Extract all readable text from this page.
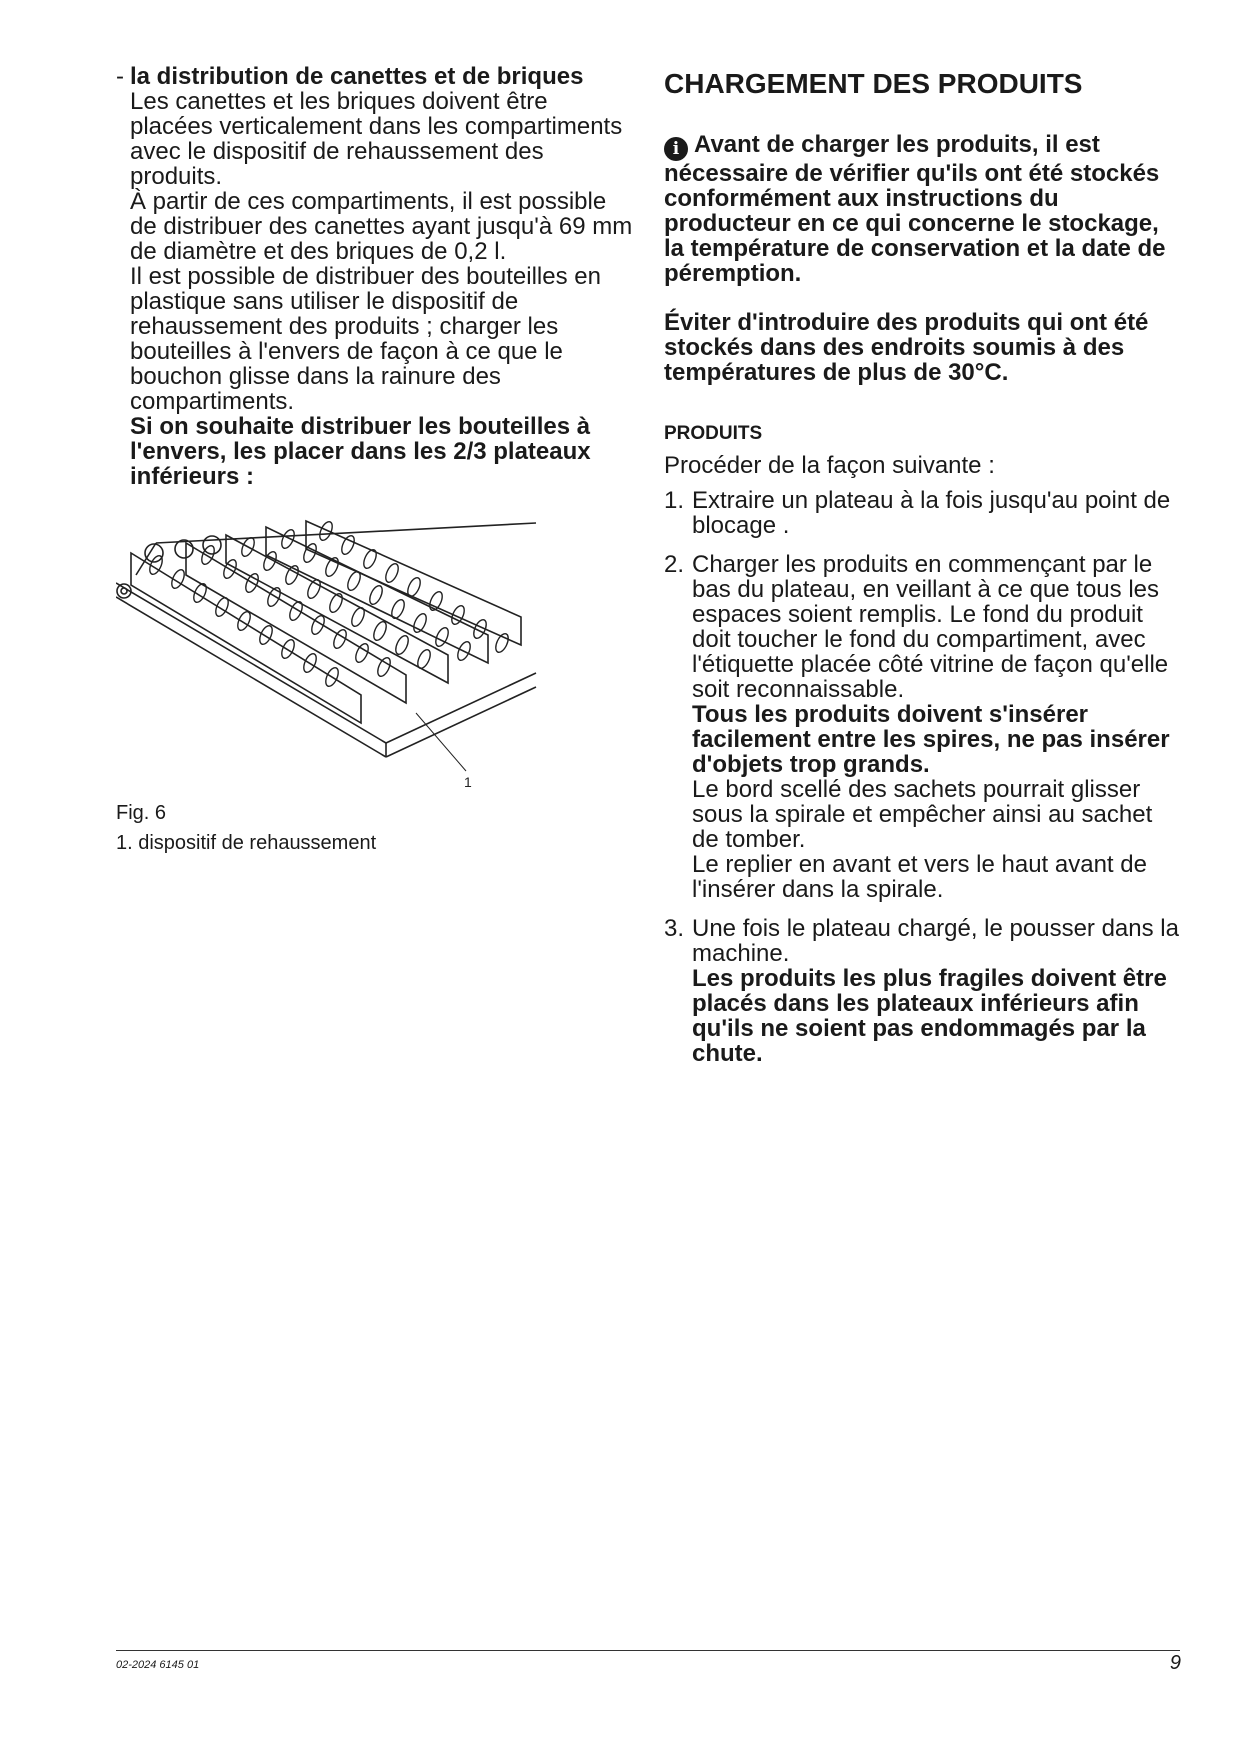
- la distribution de canettes et de briques

Les canettes et les briques doivent être placées verticalement dans les compartiments avec le dispositif de rehaussement des produits.

À partir de ces compartiments, il est possible de distribuer des canettes ayant jusqu'à 69 mm de diamètre et des briques de 0,2 l.

Il est possible de distribuer des bouteilles en plastique sans utiliser le dispositif de rehaussement des produits ; charger les bouteilles à l'envers de façon à ce que le bouchon glisse dans la rainure des compartiments.

Si on souhaite distribuer les bouteilles à l'envers, les placer dans les 2/3 plateaux inférieurs :

1
Fig. 6
1. dispositif de rehaussement
CHARGEMENT DES PRODUITS

i Avant de charger les produits, il est nécessaire de vérifier qu'ils ont été stockés conformément aux instructions du producteur en ce qui concerne le stockage, la température de conservation et la date de péremption.

Éviter d'introduire des produits qui ont été stockés dans des endroits soumis à des températures de plus de 30°C.

PRODUITS

Procéder de la façon suivante :

1. Extraire un plateau à la fois jusqu'au point de blocage .

2. Charger les produits en commençant par le bas du plateau, en veillant à ce que tous les espaces soient remplis. Le fond du produit doit toucher le fond du compartiment, avec l'étiquette placée côté vitrine de façon qu'elle soit reconnaissable.

Tous les produits doivent s'insérer facilement entre les spires, ne pas insérer d'objets trop grands.

Le bord scellé des sachets pourrait glisser sous la spirale et empêcher ainsi au sachet de tomber.

Le replier en avant et vers le haut avant de l'insérer dans la spirale.

3. Une fois le plateau chargé, le pousser dans la machine.

Les produits les plus fragiles doivent être placés dans les plateaux inférieurs afin qu'ils ne soient pas endommagés par la chute.

02-2024 6145 01	9
